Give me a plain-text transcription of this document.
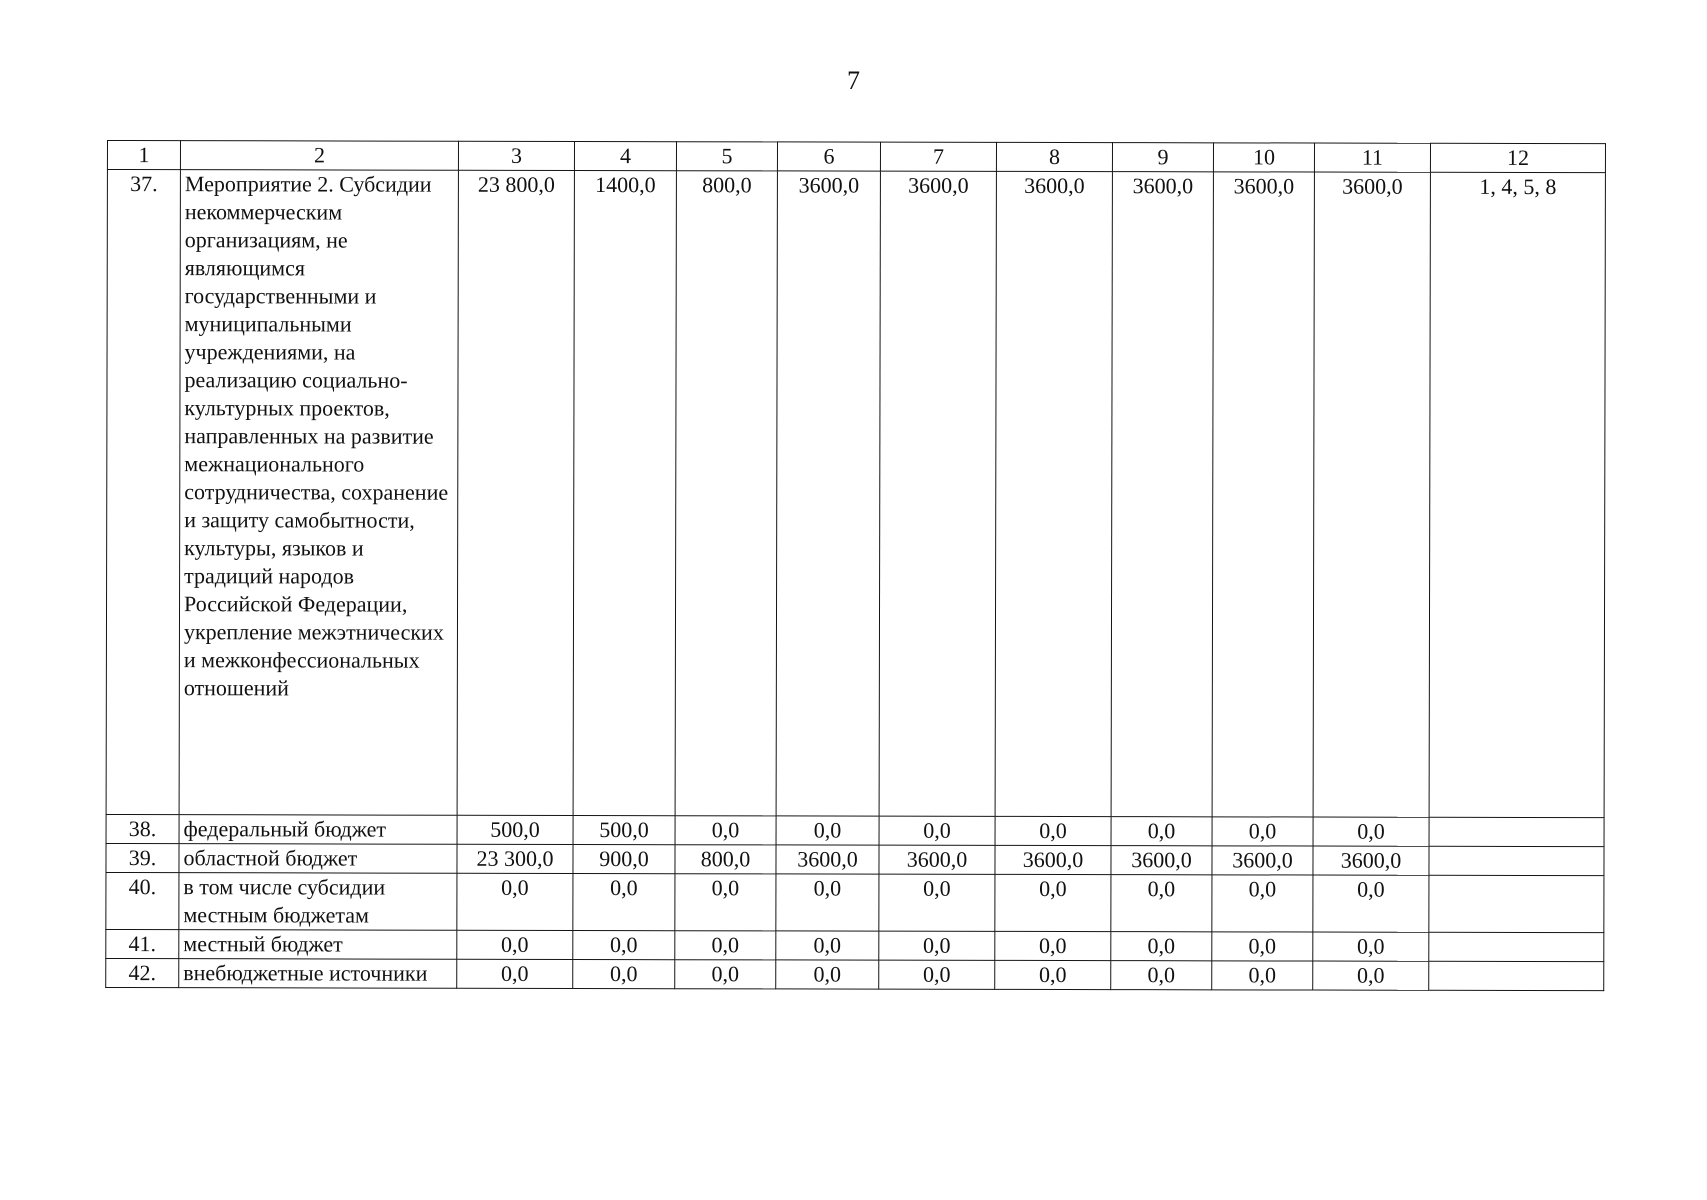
7
1	2	3	4	5	6	7	8	9	10	11	12
37.	Мероприятие 2. Субсидии некоммерческим организациям, не являющимся государственными и муниципальными учреждениями, на реализацию социально-культурных проектов, направленных на развитие межнационального сотрудничества, сохранение и защиту самобытности, культуры, языков и традиций народов Российской Федерации, укрепление межэтнических и межконфессиональных отношений	23 800,0	1400,0	800,0	3600,0	3600,0	3600,0	3600,0	3600,0	3600,0	1, 4, 5, 8
38.	федеральный бюджет	500,0	500,0	0,0	0,0	0,0	0,0	0,0	0,0	0,0	
39.	областной бюджет	23 300,0	900,0	800,0	3600,0	3600,0	3600,0	3600,0	3600,0	3600,0	
40.	в том числе субсидии местным бюджетам	0,0	0,0	0,0	0,0	0,0	0,0	0,0	0,0	0,0	
41.	местный бюджет	0,0	0,0	0,0	0,0	0,0	0,0	0,0	0,0	0,0	
42.	внебюджетные источники	0,0	0,0	0,0	0,0	0,0	0,0	0,0	0,0	0,0	
